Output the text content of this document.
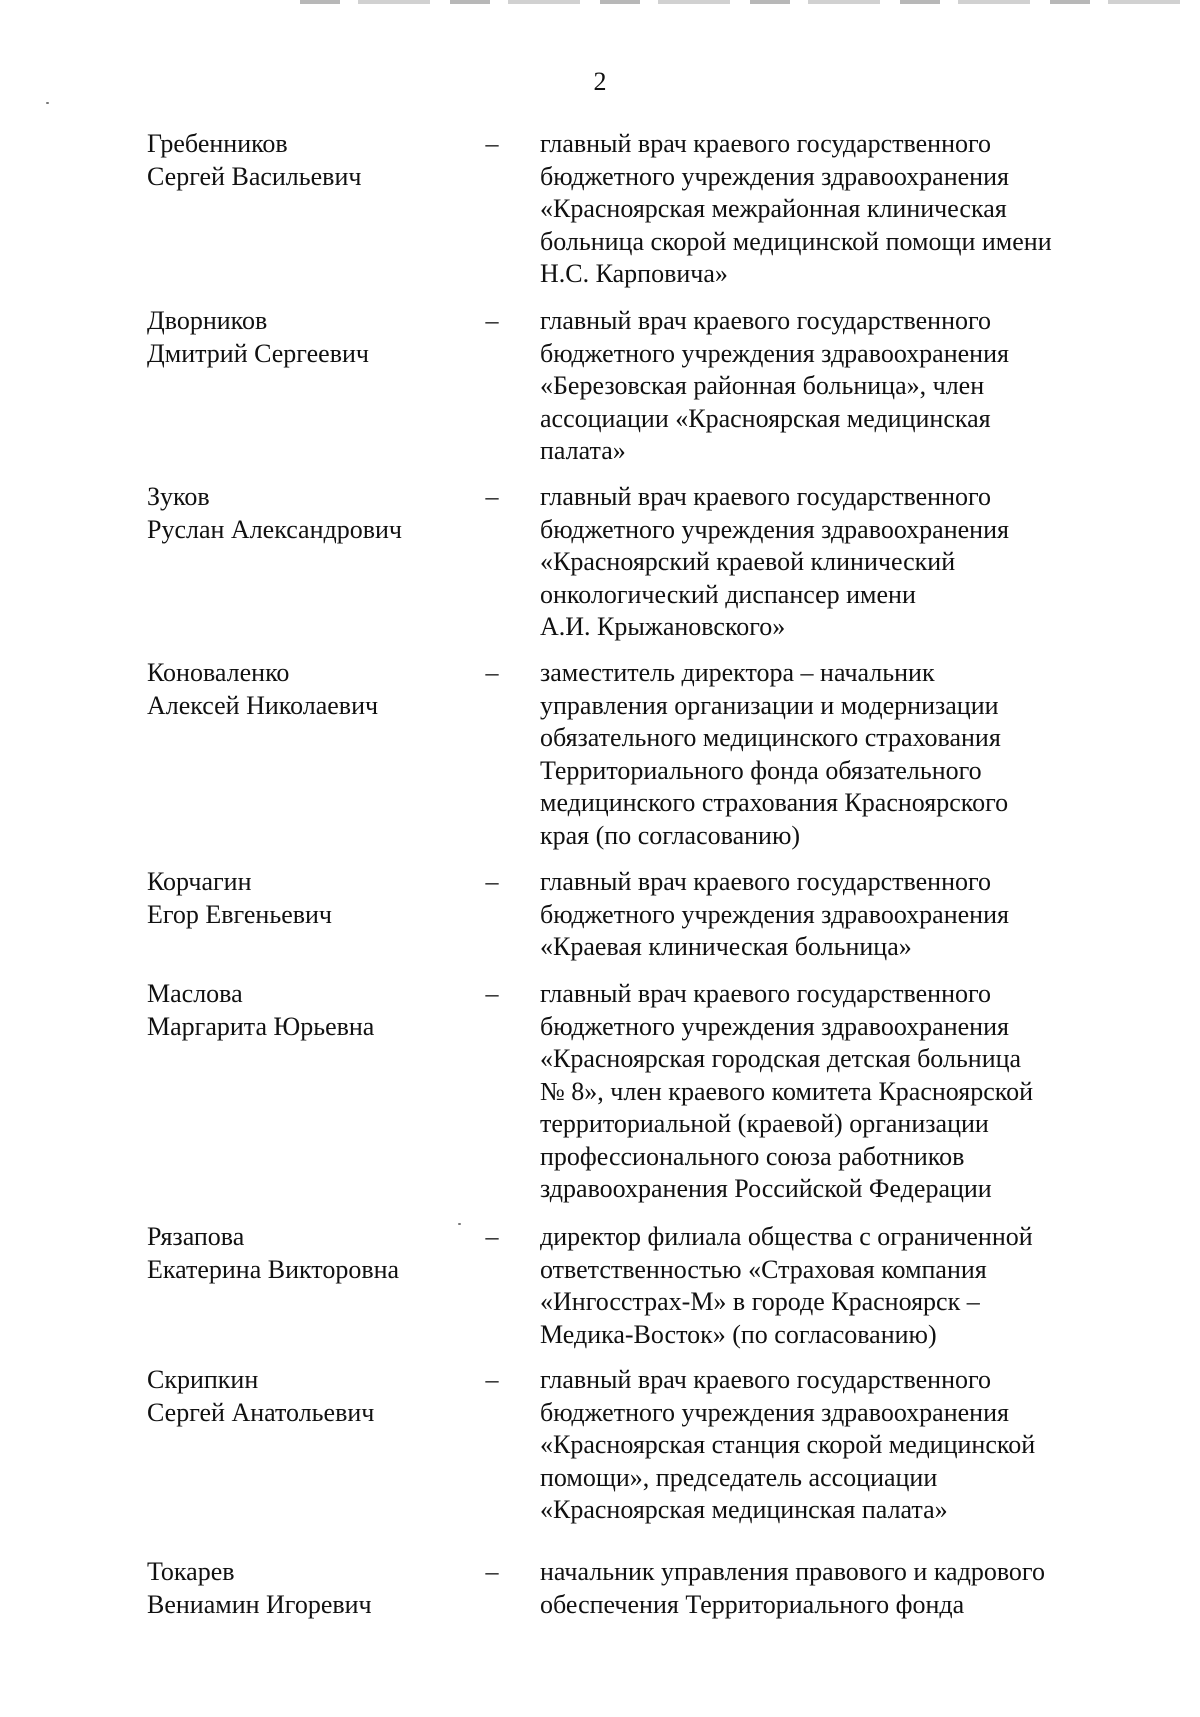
2
Гребенников
Сергей Васильевич
– главный врач краевого государственного
бюджетного учреждения здравоохранения
«Красноярская межрайонная клиническая
больница скорой медицинской помощи имени
Н.С. Карповича»
Дворников
Дмитрий Сергеевич
– главный врач краевого государственного
бюджетного учреждения здравоохранения
«Березовская районная больница», член
ассоциации «Красноярская медицинская
палата»
Зуков
Руслан Александрович
– главный врач краевого государственного
бюджетного учреждения здравоохранения
«Красноярский краевой клинический
онкологический диспансер имени
А.И. Крыжановского»
Коноваленко
Алексей Николаевич
– заместитель директора – начальник
управления организации и модернизации
обязательного медицинского страхования
Территориального фонда обязательного
медицинского страхования Красноярского
края (по согласованию)
Корчагин
Егор Евгеньевич
– главный врач краевого государственного
бюджетного учреждения здравоохранения
«Краевая клиническая больница»
Маслова
Маргарита Юрьевна
– главный врач краевого государственного
бюджетного учреждения здравоохранения
«Красноярская городская детская больница
№ 8», член краевого комитета Красноярской
территориальной (краевой) организации
профессионального союза работников
здравоохранения Российской Федерации
Рязапова
Екатерина Викторовна
– директор филиала общества с ограниченной
ответственностью «Страховая компания
«Ингосстрах-М» в городе Красноярск –
Медика-Восток» (по согласованию)
Скрипкин
Сергей Анатольевич
– главный врач краевого государственного
бюджетного учреждения здравоохранения
«Красноярская станция скорой медицинской
помощи», председатель ассоциации
«Красноярская медицинская палата»
Токарев
Вениамин Игоревич
– начальник управления правового и кадрового
обеспечения Территориального фонда
